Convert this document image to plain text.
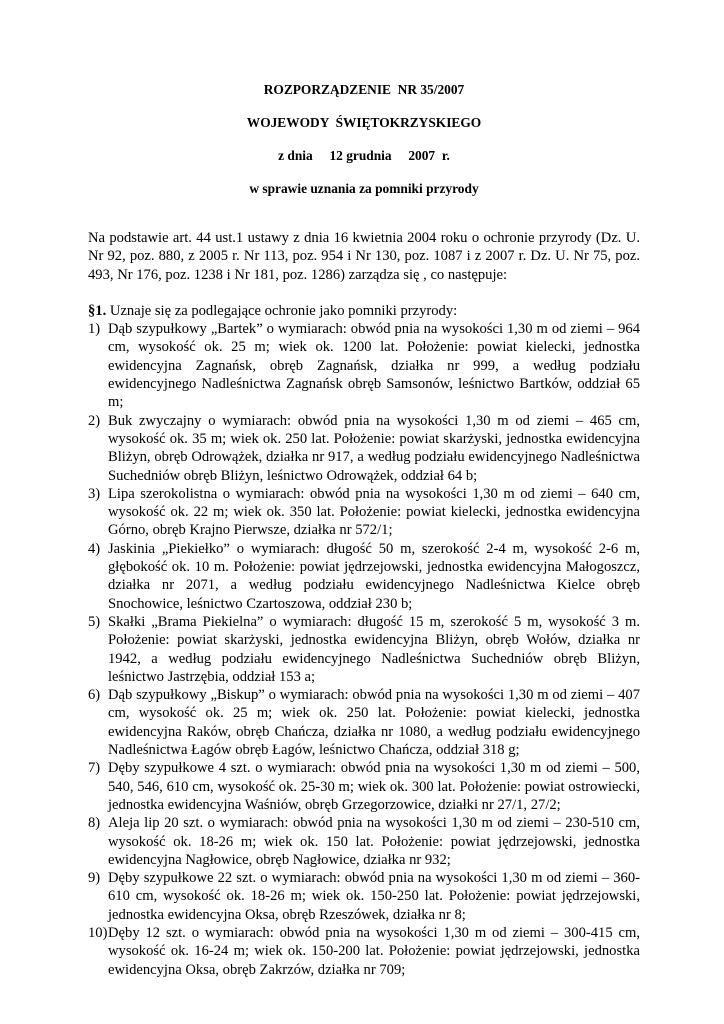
ROZPORZĄDZENIE  NR 35/2007

WOJEWODY  ŚWIĘTOKRZYSKIEGO

z dnia     12 grudnia     2007  r.

w sprawie uznania za pomniki przyrody

Na podstawie art. 44 ust.1 ustawy z dnia 16 kwietnia 2004 roku o ochronie przyrody (Dz. U. Nr 92, poz. 880, z 2005 r. Nr 113, poz. 954 i Nr 130, poz. 1087 i z 2007 r. Dz. U. Nr 75, poz. 493, Nr 176, poz. 1238 i Nr 181, poz. 1286) zarządza się , co następuje:

§1. Uznaje się za podlegające ochronie jako pomniki przyrody:

1) Dąb szypułkowy „Bartek” o wymiarach: obwód pnia na wysokości 1,30 m od ziemi – 964 cm, wysokość ok. 25 m; wiek ok. 1200 lat. Położenie: powiat kielecki, jednostka ewidencyjna Zagnańsk, obręb Zagnańsk, działka nr 999, a według podziału ewidencyjnego Nadleśnictwa Zagnańsk obręb Samsonów, leśnictwo Bartków, oddział 65 m;
2) Buk zwyczajny o wymiarach: obwód pnia na wysokości 1,30 m od ziemi – 465 cm, wysokość ok. 35 m; wiek ok. 250 lat. Położenie: powiat skarżyski, jednostka ewidencyjna Bliżyn, obręb Odrowążek, działka nr 917, a według podziału ewidencyjnego Nadleśnictwa Suchedniów obręb Bliżyn, leśnictwo Odrowążek, oddział 64 b;
3) Lipa szerokolistna o wymiarach: obwód pnia na wysokości 1,30 m od ziemi – 640 cm, wysokość ok. 22 m; wiek ok. 350 lat. Położenie: powiat kielecki, jednostka ewidencyjna Górno, obręb Krajno Pierwsze, działka nr 572/1;
4) Jaskinia „Piekiełko” o wymiarach: długość 50 m, szerokość 2-4 m, wysokość 2-6 m, głębokość ok. 10 m. Położenie: powiat jędrzejowski, jednostka ewidencyjna Małogoszcz, działka nr 2071, a według podziału ewidencyjnego Nadleśnictwa Kielce obręb Snochowice, leśnictwo Czartoszowa, oddział 230 b;
5) Skałki „Brama Piekielna” o wymiarach: długość 15 m, szerokość 5 m, wysokość 3 m. Położenie: powiat skarżyski, jednostka ewidencyjna Bliżyn, obręb Wołów, działka nr 1942, a według podziału ewidencyjnego Nadleśnictwa Suchedniów obręb Bliżyn, leśnictwo Jastrzębia, oddział 153 a;
6) Dąb szypułkowy „Biskup” o wymiarach: obwód pnia na wysokości 1,30 m od ziemi – 407 cm, wysokość ok. 25 m; wiek ok. 250 lat. Położenie: powiat kielecki, jednostka ewidencyjna Raków, obręb Chańcza, działka nr 1080, a według podziału ewidencyjnego Nadleśnictwa Łagów obręb Łagów, leśnictwo Chańcza, oddział 318 g;
7) Dęby szypułkowe 4 szt. o wymiarach: obwód pnia na wysokości 1,30 m od ziemi – 500, 540, 546, 610 cm, wysokość ok. 25-30 m; wiek ok. 300 lat. Położenie: powiat ostrowiecki, jednostka ewidencyjna Waśniów, obręb Grzegorzowice, działki nr 27/1, 27/2;
8) Aleja lip 20 szt. o wymiarach: obwód pnia na wysokości 1,30 m od ziemi – 230-510 cm, wysokość ok. 18-26 m; wiek ok. 150 lat. Położenie: powiat jędrzejowski, jednostka ewidencyjna Nagłowice, obręb Nagłowice, działka nr 932;
9) Dęby szypułkowe 22 szt. o wymiarach: obwód pnia na wysokości 1,30 m od ziemi – 360-610 cm, wysokość ok. 18-26 m; wiek ok. 150-250 lat. Położenie: powiat jędrzejowski, jednostka ewidencyjna Oksa, obręb Rzeszówek, działka nr 8;
10) Dęby 12 szt. o wymiarach: obwód pnia na wysokości 1,30 m od ziemi – 300-415 cm, wysokość ok. 16-24 m; wiek ok. 150-200 lat. Położenie: powiat jędrzejowski, jednostka ewidencyjna Oksa, obręb Zakrzów, działka nr 709;
